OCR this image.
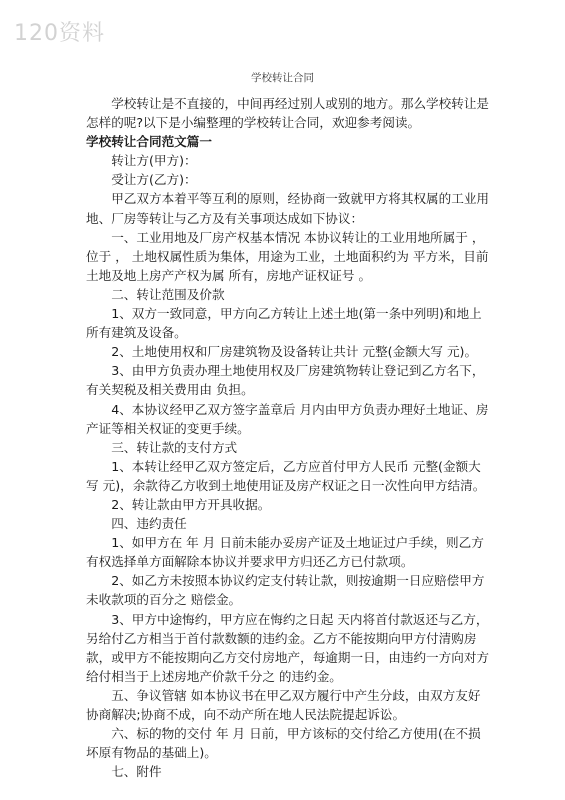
120资料
学校转让合同

学校转让是不直接的，中间再经过别人或别的地方。那么学校转让是怎样的呢?以下是小编整理的学校转让合同，欢迎参考阅读。

学校转让合同范文篇一

转让方(甲方)：

受让方(乙方)：

甲乙双方本着平等互利的原则，经协商一致就甲方将其权属的工业用地、厂房等转让与乙方及有关事项达成如下协议：

一、工业用地及厂房产权基本情况 本协议转让的工业用地所属于 ，位于 ， 土地权属性质为集体，用途为工业，土地面积约为 平方米，目前土地及地上房产产权为属 所有，房地产证权证号 。

二、转让范围及价款

1、双方一致同意，甲方向乙方转让上述土地(第一条中列明)和地上所有建筑及设备。

2、土地使用权和厂房建筑物及设备转让共计 元整(金额大写 元)。

3、由甲方负责办理土地使用权及厂房建筑物转让登记到乙方名下，有关契税及相关费用由 负担。

4、本协议经甲乙双方签字盖章后 月内由甲方负责办理好土地证、房产证等相关权证的变更手续。

三、转让款的支付方式

1、本转让经甲乙双方签定后，乙方应首付甲方人民币 元整(金额大写 元)，余款待乙方收到土地使用证及房产权证之日一次性向甲方结清。

2、转让款由甲方开具收据。

四、违约责任

1、如甲方在 年 月 日前未能办妥房产证及土地证过户手续，则乙方有权选择单方面解除本协议并要求甲方归还乙方已付款项。

2、如乙方未按照本协议约定支付转让款，则按逾期一日应赔偿甲方未收款项的百分之 赔偿金。

3、甲方中途悔约，甲方应在悔约之日起 天内将首付款返还与乙方，另给付乙方相当于首付款数额的违约金。乙方不能按期向甲方付清购房款，或甲方不能按期向乙方交付房地产，每逾期一日，由违约一方向对方给付相当于上述房地产价款千分之 的违约金。

五、争议管辖 如本协议书在甲乙双方履行中产生分歧，由双方友好协商解决;协商不成，向不动产所在地人民法院提起诉讼。

六、标的物的交付 年 月 日前，甲方该标的交付给乙方使用(在不损坏原有物品的基础上)。

七、附件
